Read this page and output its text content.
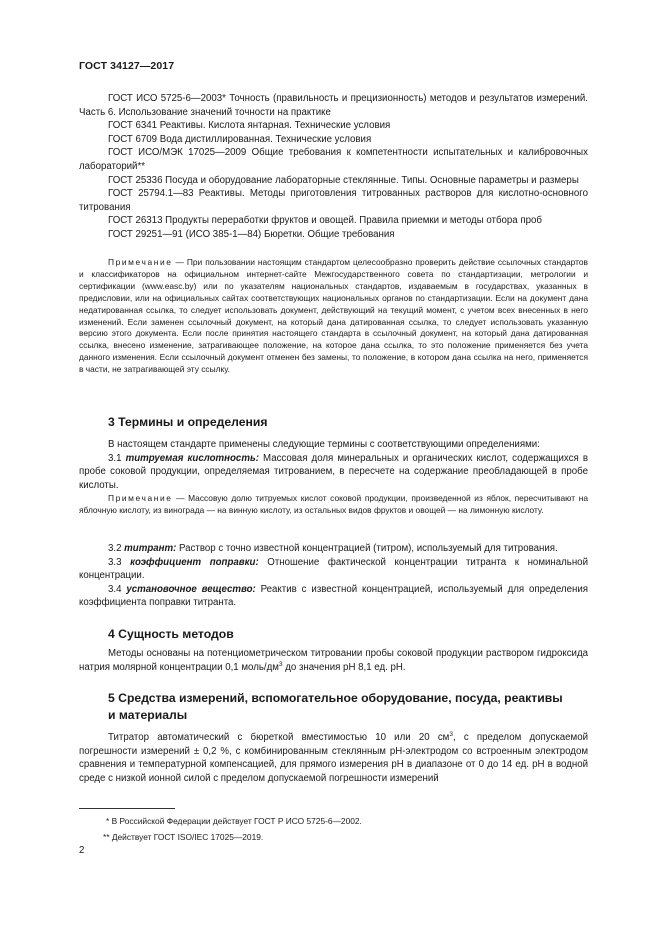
ГОСТ 34127—2017

ГОСТ ИСО 5725-6—2003* Точность (правильность и прецизионность) методов и результатов измерений. Часть 6. Использование значений точности на практике

ГОСТ 6341 Реактивы. Кислота янтарная. Технические условия

ГОСТ 6709 Вода дистиллированная. Технические условия

ГОСТ ИСО/МЭК 17025—2009 Общие требования к компетентности испытательных и калибровочных лабораторий**

ГОСТ 25336 Посуда и оборудование лабораторные стеклянные. Типы. Основные параметры и размеры

ГОСТ 25794.1—83 Реактивы. Методы приготовления титрованных растворов для кислотно-основного титрования

ГОСТ 26313 Продукты переработки фруктов и овощей. Правила приемки и методы отбора проб

ГОСТ 29251—91 (ИСО 385-1—84) Бюретки. Общие требования

Примечание — При пользовании настоящим стандартом целесообразно проверить действие ссылочных стандартов и классификаторов на официальном интернет-сайте Межгосударственного совета по стандартизации, метрологии и сертификации (www.easc.by) или по указателям национальных стандартов, издаваемым в государствах, указанных в предисловии, или на официальных сайтах соответствующих национальных органов по стандартизации. Если на документ дана недатированная ссылка, то следует использовать документ, действующий на текущий момент, с учетом всех внесенных в него изменений. Если заменен ссылочный документ, на который дана датированная ссылка, то следует использовать указанную версию этого документа. Если после принятия настоящего стандарта в ссылочный документ, на который дана датированная ссылка, внесено изменение, затрагивающее положение, на которое дана ссылка, то это положение применяется без учета данного изменения. Если ссылочный документ отменен без замены, то положение, в котором дана ссылка на него, применяется в части, не затрагивающей эту ссылку.

3 Термины и определения

В настоящем стандарте применены следующие термины с соответствующими определениями:

3.1 титруемая кислотность: Массовая доля минеральных и органических кислот, содержащихся в пробе соковой продукции, определяемая титрованием, в пересчете на содержание преобладающей в пробе кислоты.

Примечание — Массовую долю титруемых кислот соковой продукции, произведенной из яблок, пересчитывают на яблочную кислоту, из винограда — на винную кислоту, из остальных видов фруктов и овощей — на лимонную кислоту.

3.2 титрант: Раствор с точно известной концентрацией (титром), используемый для титрования.

3.3 коэффициент поправки: Отношение фактической концентрации титранта к номинальной концентрации.

3.4 установочное вещество: Реактив с известной концентрацией, используемый для определения коэффициента поправки титранта.

4 Сущность методов

Методы основаны на потенциометрическом титровании пробы соковой продукции раствором гидроксида натрия молярной концентрации 0,1 моль/$дм^3$ до значения pH 8,1 ед. pH.

5 Средства измерений, вспомогательное оборудование, посуда, реактивы и материалы

Титратор автоматический с бюреткой вместимостью 10 или 20 $см^3$, с пределом допускаемой погрешности измерений ± 0,2 %, с комбинированным стеклянным pH-электродом со встроенным электродом сравнения и температурной компенсацией, для прямого измерения pH в диапазоне от 0 до 14 ед. pH в водной среде с низкой ионной силой с пределом допускаемой погрешности измерений

* В Российской Федерации действует ГОСТ Р ИСО 5725-6—2002.

** Действует ГОСТ ISO/IEC 17025—2019.

2
